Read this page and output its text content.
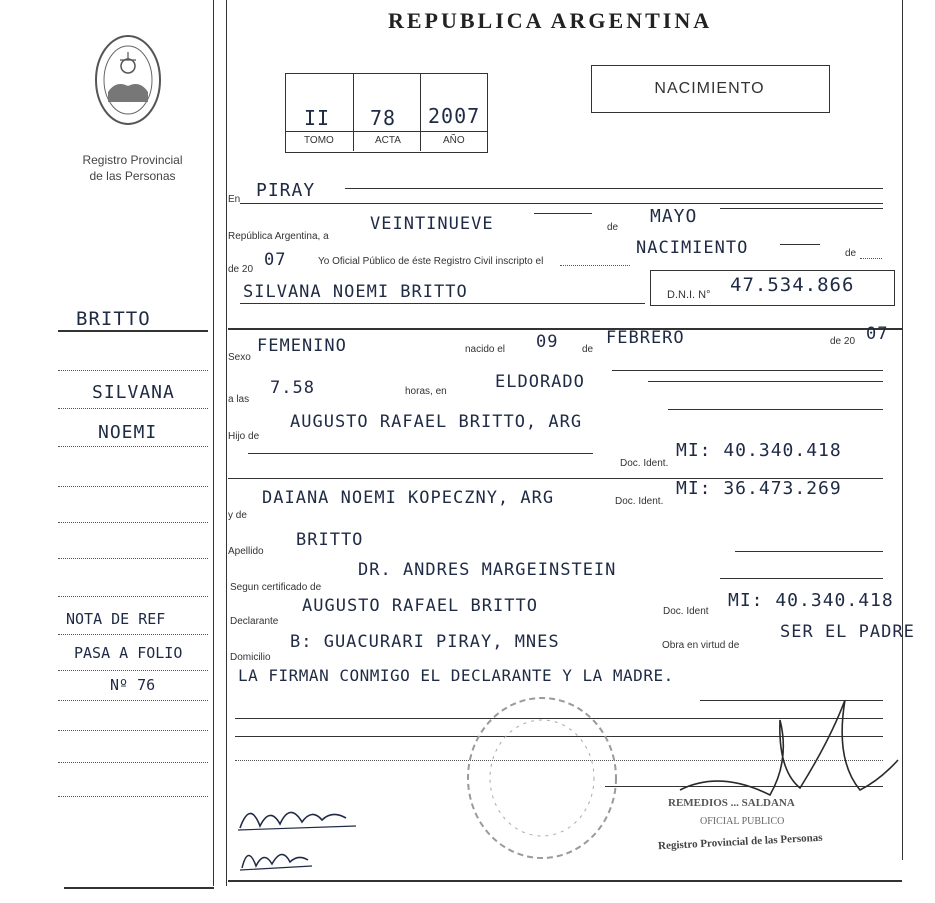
Registro Provincial
de las Personas
REPUBLICA ARGENTINA
II 78 2007
TOMO	ACTA	AÑO
NACIMIENTO
En PIRAY
República Argentina, a
VEINTINUEVE	de
MAYO
de 20 07	Yo Oficial Público de éste Registro Civil inscripto el
NACIMIENTO	de
SILVANA NOEMI BRITTO	D.N.I. N° 47.534.866
Sexo
FEMENINO	nacido el 09 de
FEBRERO	de 20 07
a las
7.58	horas, en	ELDORADO
Hijo de
AUGUSTO RAFAEL BRITTO, ARG
Doc. Ident.
MI: 40.340.418
y de
DAIANA NOEMI KOPECZNY, ARG	Doc. Ident.
MI: 36.473.269
Apellido
BRITTO
Segun certificado de
DR. ANDRES MARGEINSTEIN
Declarante
AUGUSTO RAFAEL BRITTO	Doc. Ident
MI: 40.340.418
Domicilio
B: GUACURARI PIRAY, MNES	Obra en virtud de
SER EL PADRE
LA FIRMAN CONMIGO EL DECLARANTE Y LA MADRE.
REMEDIOS ... SALDANA
OFICIAL PUBLICO
Registro Provincial de las Personas
BRITTO
SILVANA
NOEMI
NOTA DE REF
PASA A FOLIO
Nº 76
